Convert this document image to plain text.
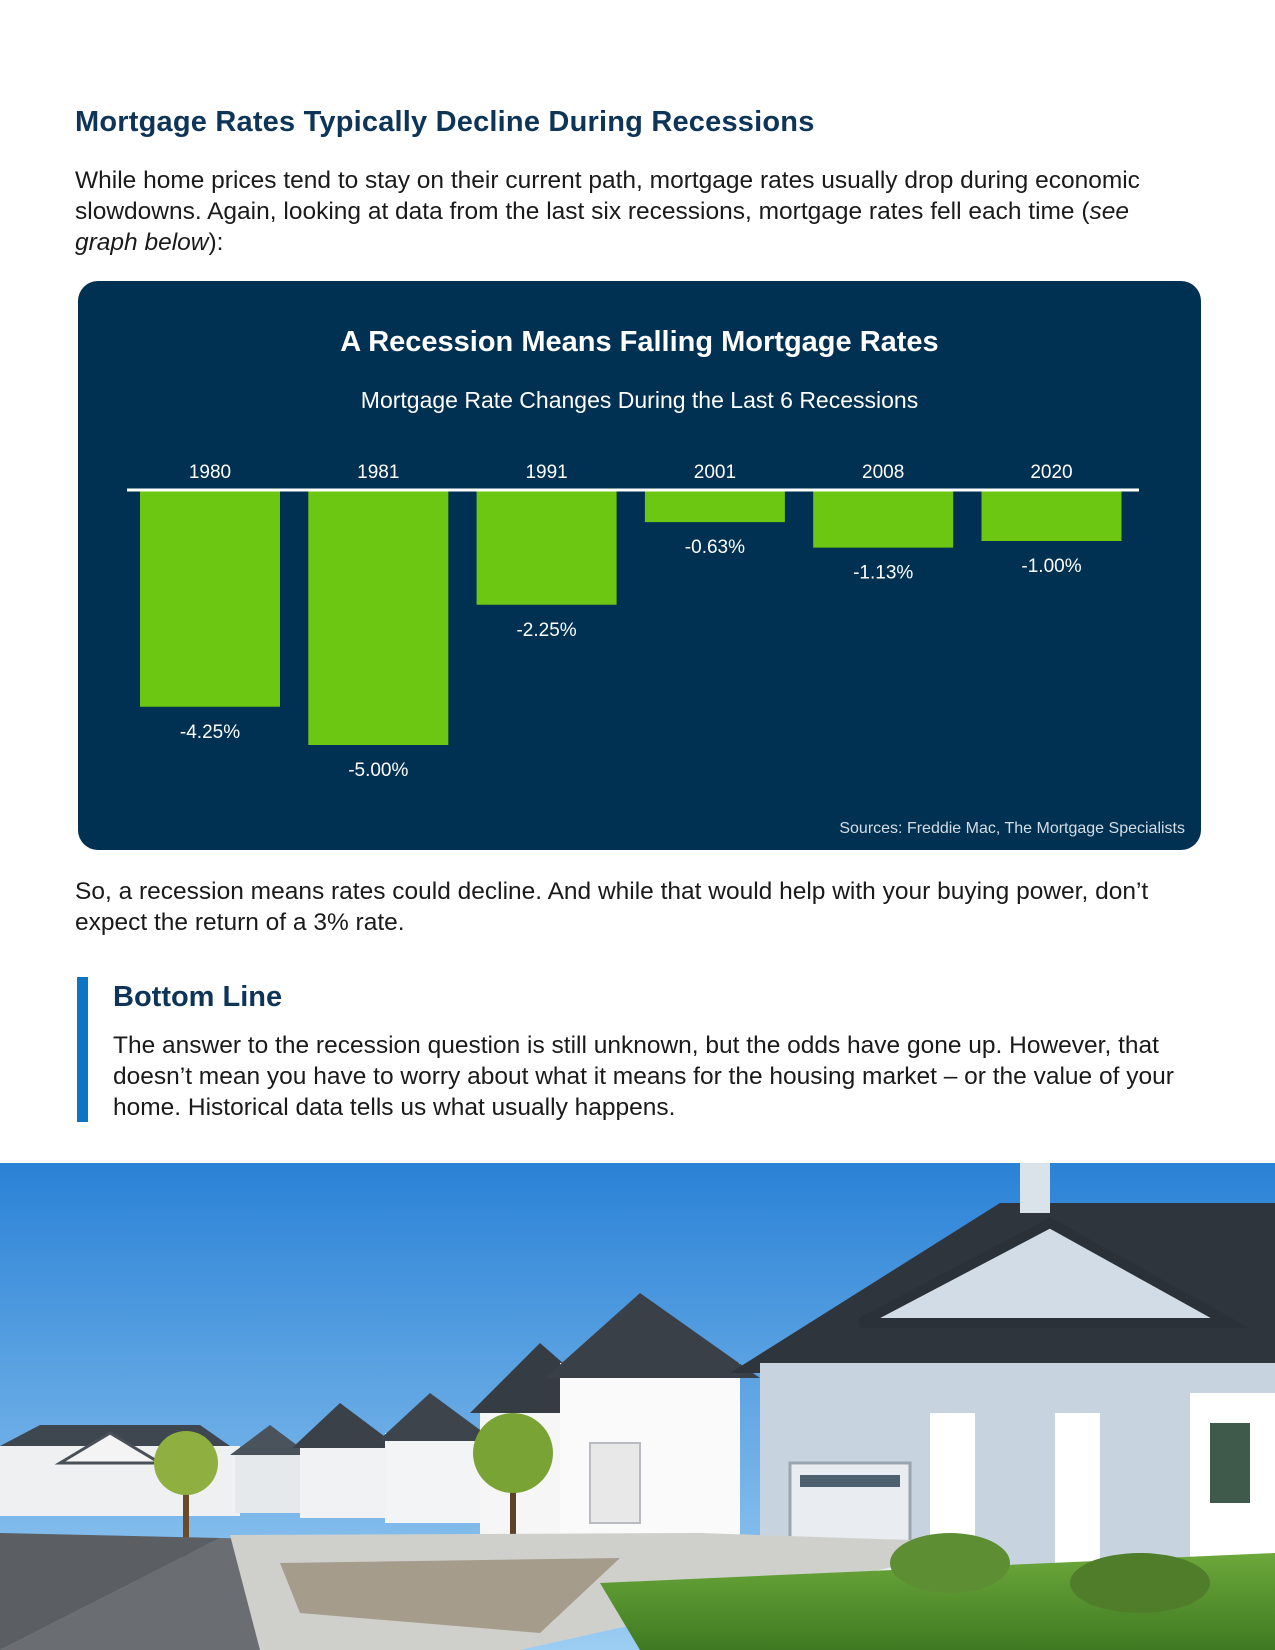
Mortgage Rates Typically Decline During Recessions

While home prices tend to stay on their current path, mortgage rates usually drop during economic slowdowns. Again, looking at data from the last six recessions, mortgage rates fell each time (see graph below):

A Recession Means Falling Mortgage Rates
Mortgage Rate Changes During the Last 6 Recessions
1980
-4.25%
1981
-5.00%
1991
-2.25%
2001
-0.63%
2008
-1.13%
2020
-1.00%
Sources: Freddie Mac, The Mortgage Specialists

So, a recession means rates could decline. And while that would help with your buying power, don’t expect the return of a 3% rate.

Bottom Line

The answer to the recession question is still unknown, but the odds have gone up. However, that doesn’t mean you have to worry about what it means for the housing market – or the value of your home. Historical data tells us what usually happens.
